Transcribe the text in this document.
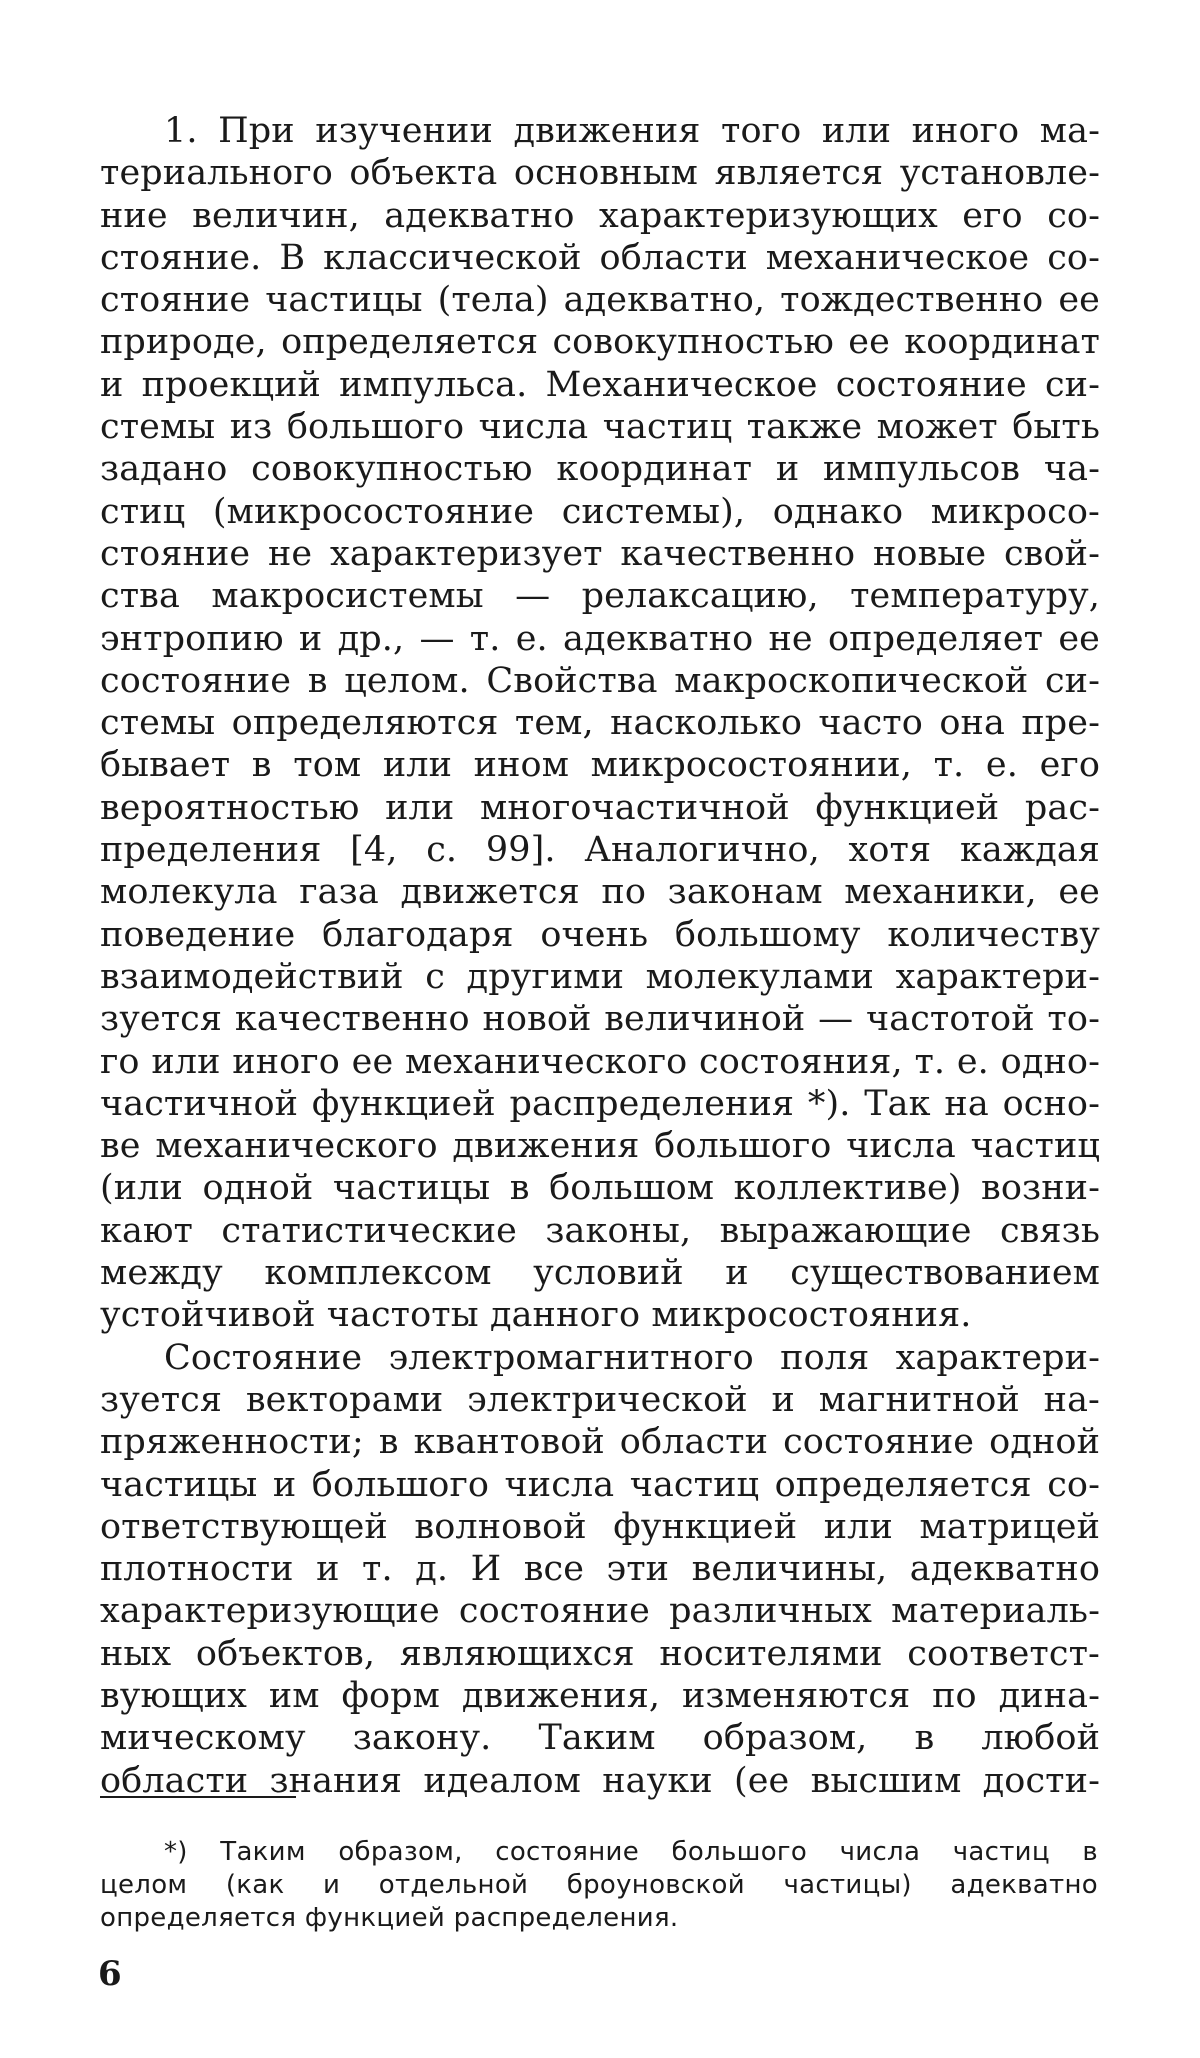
1. При изучении движения того или иного ма-
териального объекта основным является установле-
ние величин, адекватно характеризующих его со-
стояние. В классической области механическое со-
стояние частицы (тела) адекватно, тождественно ее
природе, определяется совокупностью ее координат
и проекций импульса. Механическое состояние си-
стемы из большого числа частиц также может быть
задано совокупностью координат и импульсов ча-
стиц (микросостояние системы), однако микросо-
стояние не характеризует качественно новые свой-
ства макросистемы — релаксацию, температуру,
энтропию и др., — т. е. адекватно не определяет ее
состояние в целом. Свойства макроскопической си-
стемы определяются тем, насколько часто она пре-
бывает в том или ином микросостоянии, т. е. его
вероятностью или многочастичной функцией рас-
пределения [4, с. 99]. Аналогично, хотя каждая
молекула газа движется по законам механики, ее
поведение благодаря очень большому количеству
взаимодействий с другими молекулами характери-
зуется качественно новой величиной — частотой то-
го или иного ее механического состояния, т. е. одно-
частичной функцией распределения *). Так на осно-
ве механического движения большого числа частиц
(или одной частицы в большом коллективе) возни-
кают статистические законы, выражающие связь
между комплексом условий и существованием
устойчивой частоты данного микросостояния.
Состояние электромагнитного поля характери-
зуется векторами электрической и магнитной на-
пряженности; в квантовой области состояние одной
частицы и большого числа частиц определяется со-
ответствующей волновой функцией или матрицей
плотности и т. д. И все эти величины, адекватно
характеризующие состояние различных материаль-
ных объектов, являющихся носителями соответст-
вующих им форм движения, изменяются по дина-
мическому закону. Таким образом, в любой
области знания идеалом науки (ее высшим дости-
*) Таким образом, состояние большого числа частиц в
целом (как и отдельной броуновской частицы) адекватно
определяется функцией распределения.
6
